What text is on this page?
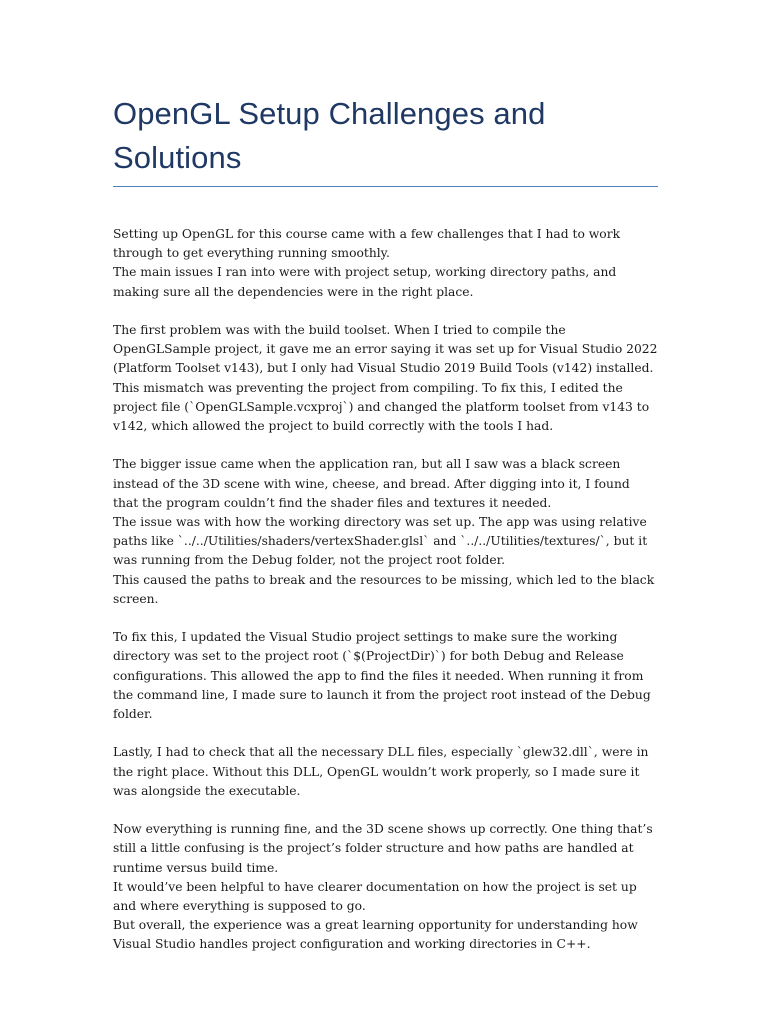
OpenGL Setup Challenges and Solutions
Setting up OpenGL for this course came with a few challenges that I had to work through to get everything running smoothly.
The main issues I ran into were with project setup, working directory paths, and making sure all the dependencies were in the right place.
The first problem was with the build toolset. When I tried to compile the OpenGLSample project, it gave me an error saying it was set up for Visual Studio 2022 (Platform Toolset v143), but I only had Visual Studio 2019 Build Tools (v142) installed.
This mismatch was preventing the project from compiling. To fix this, I edited the project file (`OpenGLSample.vcxproj`) and changed the platform toolset from v143 to v142, which allowed the project to build correctly with the tools I had.
The bigger issue came when the application ran, but all I saw was a black screen instead of the 3D scene with wine, cheese, and bread. After digging into it, I found that the program couldn’t find the shader files and textures it needed.
The issue was with how the working directory was set up. The app was using relative paths like `../../Utilities/shaders/vertexShader.glsl` and `../../Utilities/textures/`, but it was running from the Debug folder, not the project root folder.
This caused the paths to break and the resources to be missing, which led to the black screen.
To fix this, I updated the Visual Studio project settings to make sure the working directory was set to the project root (`$(ProjectDir)`) for both Debug and Release configurations. This allowed the app to find the files it needed. When running it from the command line, I made sure to launch it from the project root instead of the Debug folder.
Lastly, I had to check that all the necessary DLL files, especially `glew32.dll`, were in the right place. Without this DLL, OpenGL wouldn’t work properly, so I made sure it was alongside the executable.
Now everything is running fine, and the 3D scene shows up correctly. One thing that’s still a little confusing is the project’s folder structure and how paths are handled at runtime versus build time.
It would’ve been helpful to have clearer documentation on how the project is set up and where everything is supposed to go.
But overall, the experience was a great learning opportunity for understanding how Visual Studio handles project configuration and working directories in C++.
